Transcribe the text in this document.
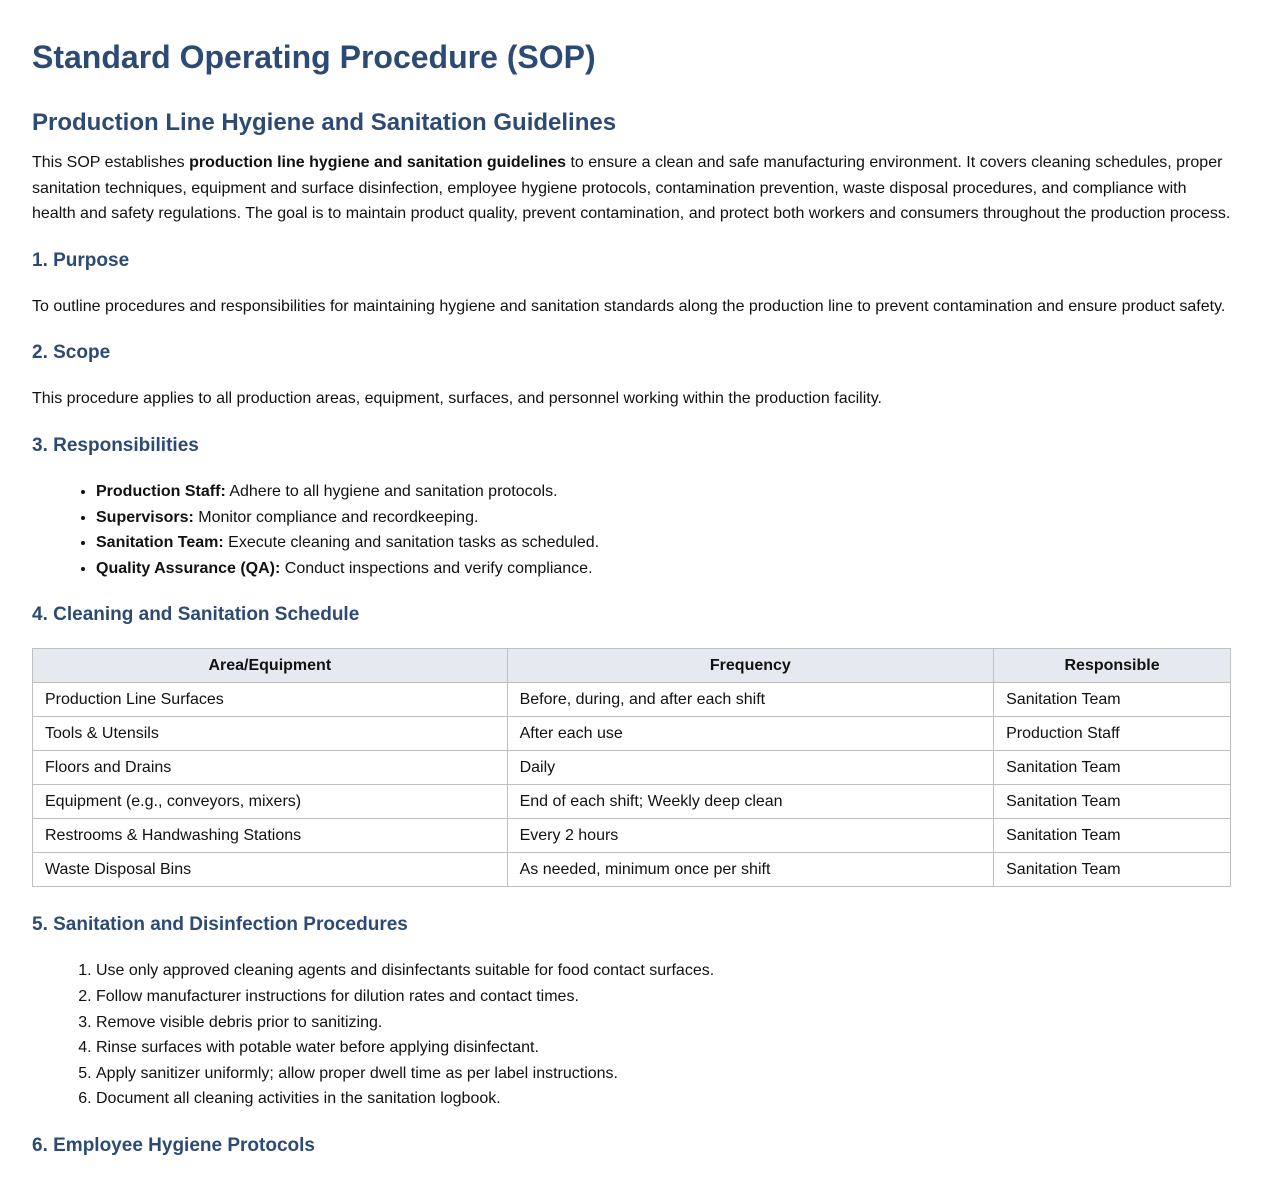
Standard Operating Procedure (SOP)
Production Line Hygiene and Sanitation Guidelines

This SOP establishes production line hygiene and sanitation guidelines to ensure a clean and safe manufacturing environment. It covers cleaning schedules, proper sanitation techniques, equipment and surface disinfection, employee hygiene protocols, contamination prevention, waste disposal procedures, and compliance with health and safety regulations. The goal is to maintain product quality, prevent contamination, and protect both workers and consumers throughout the production process.

1. Purpose

To outline procedures and responsibilities for maintaining hygiene and sanitation standards along the production line to prevent contamination and ensure product safety.

2. Scope

This procedure applies to all production areas, equipment, surfaces, and personnel working within the production facility.

3. Responsibilities
• Production Staff: Adhere to all hygiene and sanitation protocols.
• Supervisors: Monitor compliance and recordkeeping.
• Sanitation Team: Execute cleaning and sanitation tasks as scheduled.
• Quality Assurance (QA): Conduct inspections and verify compliance.
4. Cleaning and Sanitation Schedule
Area/Equipment	Frequency	Responsible
Production Line Surfaces	Before, during, and after each shift	Sanitation Team
Tools & Utensils	After each use	Production Staff
Floors and Drains	Daily	Sanitation Team
Equipment (e.g., conveyors, mixers)	End of each shift; Weekly deep clean	Sanitation Team
Restrooms & Handwashing Stations	Every 2 hours	Sanitation Team
Waste Disposal Bins	As needed, minimum once per shift	Sanitation Team
5. Sanitation and Disinfection Procedures
1. Use only approved cleaning agents and disinfectants suitable for food contact surfaces.
2. Follow manufacturer instructions for dilution rates and contact times.
3. Remove visible debris prior to sanitizing.
4. Rinse surfaces with potable water before applying disinfectant.
5. Apply sanitizer uniformly; allow proper dwell time as per label instructions.
6. Document all cleaning activities in the sanitation logbook.
6. Employee Hygiene Protocols
